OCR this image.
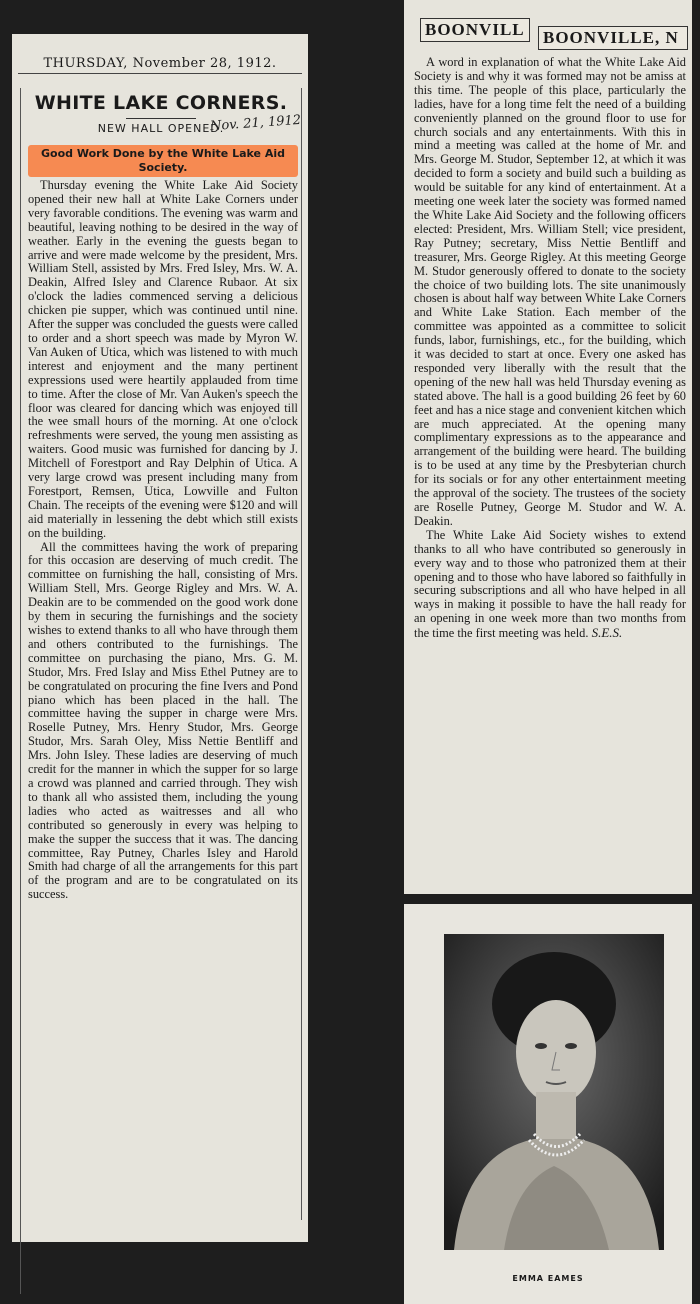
THURSDAY, November 28, 1912.
WHITE LAKE CORNERS.
NEW HALL OPENED.
Good Work Done by the White Lake Aid Society.

Thursday evening the White Lake Aid Society opened their new hall at White Lake Corners under very favorable conditions. The evening was warm and beautiful, leaving nothing to be desired in the way of weather. Early in the evening the guests began to arrive and were made welcome by the president, Mrs. William Stell, assisted by Mrs. Fred Isley, Mrs. W. A. Deakin, Alfred Isley and Clarence Rubaor. At six o'clock the ladies commenced serving a delicious chicken pie supper, which was continued until nine. After the supper was concluded the guests were called to order and a short speech was made by Myron W. Van Auken of Utica, which was listened to with much interest and enjoyment and the many pertinent expressions used were heartily applauded from time to time. After the close of Mr. Van Auken's speech the floor was cleared for dancing which was enjoyed till the wee small hours of the morning. At one o'clock refreshments were served, the young men assisting as waiters. Good music was furnished for dancing by J. Mitchell of Forestport and Ray Delphin of Utica. A very large crowd was present including many from Forestport, Remsen, Utica, Lowville and Fulton Chain. The receipts of the evening were $120 and will aid materially in lessening the debt which still exists on the building.

All the committees having the work of preparing for this occasion are deserving of much credit. The committee on furnishing the hall, consisting of Mrs. William Stell, Mrs. George Rigley and Mrs. W. A. Deakin are to be commended on the good work done by them in securing the furnishings and the society wishes to extend thanks to all who have through them and others contributed to the furnishings. The committee on purchasing the piano, Mrs. G. M. Studor, Mrs. Fred Islay and Miss Ethel Putney are to be congratulated on procuring the fine Ivers and Pond piano which has been placed in the hall. The committee having the supper in charge were Mrs. Roselle Putney, Mrs. Henry Studor, Mrs. George Studor, Mrs. Sarah Oley, Miss Nettie Bentliff and Mrs. John Isley. These ladies are deserving of much credit for the manner in which the supper for so large a crowd was planned and carried through. They wish to thank all who assisted them, including the young ladies who acted as waitresses and all who contributed so generously in every was helping to make the supper the success that it was. The dancing committee, Ray Putney, Charles Isley and Harold Smith had charge of all the arrangements for this part of the program and are to be congratulated on its success.

Nov. 21, 1912
BOONVILL BOONVILLE, N

A word in explanation of what the White Lake Aid Society is and why it was formed may not be amiss at this time. The people of this place, particularly the ladies, have for a long time felt the need of a building conveniently planned on the ground floor to use for church socials and any entertainments. With this in mind a meeting was called at the home of Mr. and Mrs. George M. Studor, September 12, at which it was decided to form a society and build such a building as would be suitable for any kind of entertainment. At a meeting one week later the society was formed named the White Lake Aid Society and the following officers elected: President, Mrs. William Stell; vice president, Ray Putney; secretary, Miss Nettie Bentliff and treasurer, Mrs. George Rigley. At this meeting George M. Studor generously offered to donate to the society the choice of two building lots. The site unanimously chosen is about half way between White Lake Corners and White Lake Station. Each member of the committee was appointed as a committee to solicit funds, labor, furnishings, etc., for the building, which it was decided to start at once. Every one asked has responded very liberally with the result that the opening of the new hall was held Thursday evening as stated above. The hall is a good building 26 feet by 60 feet and has a nice stage and convenient kitchen which are much appreciated. At the opening many complimentary expressions as to the appearance and arrangement of the building were heard. The building is to be used at any time by the Presbyterian church for its socials or for any other entertainment meeting the approval of the society. The trustees of the society are Roselle Putney, George M. Studor and W. A. Deakin.

The White Lake Aid Society wishes to extend thanks to all who have contributed so generously in every way and to those who patronized them at their opening and to those who have labored so faithfully in securing subscriptions and all who have helped in all ways in making it possible to have the hall ready for an opening in one week more than two months from the time the first meeting was held. S.E.S.

EMMA EAMES
